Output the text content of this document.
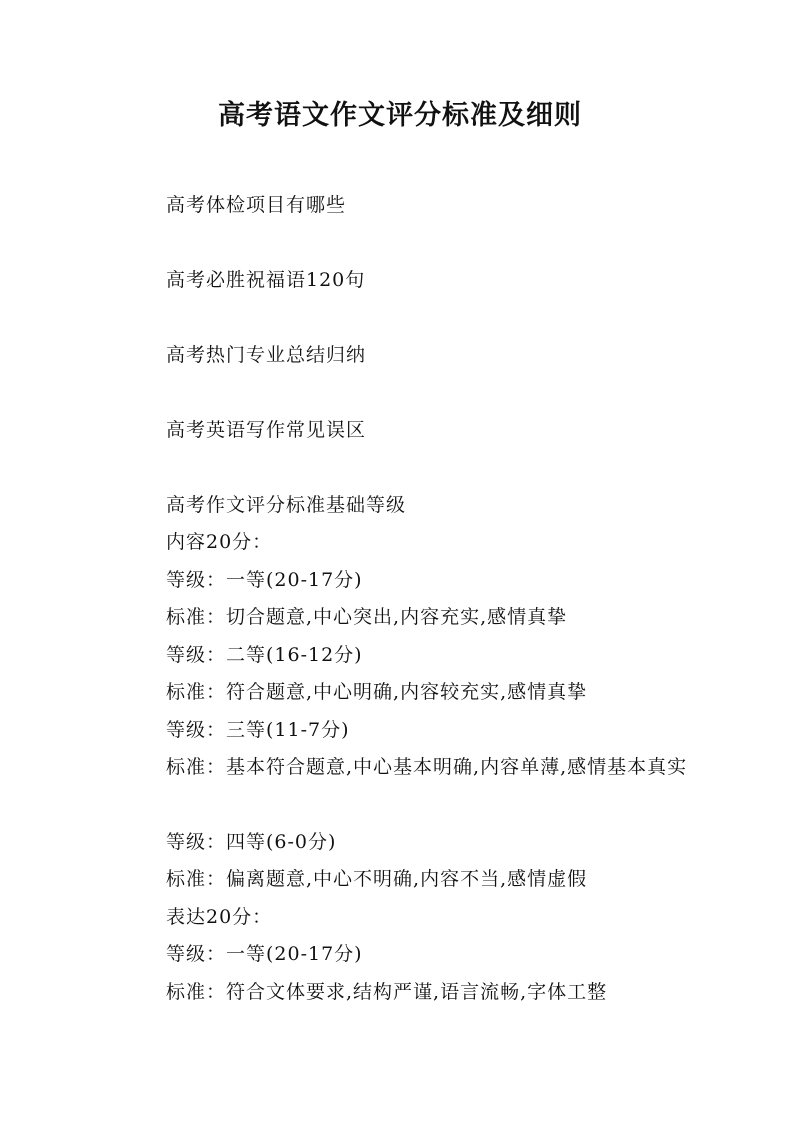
高考语文作文评分标准及细则
高考体检项目有哪些
高考必胜祝福语120句
高考热门专业总结归纳
高考英语写作常见误区
高考作文评分标准基础等级
内容20分：
等级：一等(20-17分)
标准：切合题意,中心突出,内容充实,感情真挚
等级：二等(16-12分)
标准：符合题意,中心明确,内容较充实,感情真挚
等级：三等(11-7分)
标准：基本符合题意,中心基本明确,内容单薄,感情基本真实
等级：四等(6-0分)
标准：偏离题意,中心不明确,内容不当,感情虚假
表达20分：
等级：一等(20-17分)
标准：符合文体要求,结构严谨,语言流畅,字体工整
